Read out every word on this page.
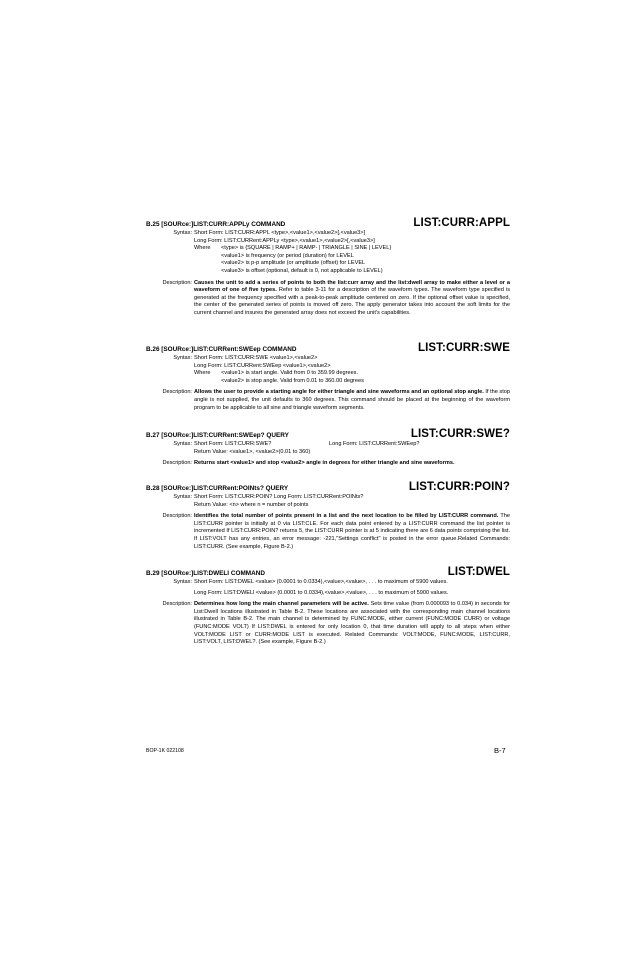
B.25 [SOURce:]LIST:CURR:APPLy COMMAND	LIST:CURR:APPL
Syntax: Short Form: LIST:CURR:APPL <type>,<value1>,<value2>[,<value3>]
Long Form: LIST:CURRent:APPLy <type>,<value1>,<value2>[,<value3>]
Where <type> is {SQUARE | RAMP+ | RAMP- | TRIANGLE | SINE | LEVEL}
<value1> is frequency (or period (duration) for LEVEL
<value2> is p-p amplitude (or amplitude (offset) for LEVEL
<value3> is offset (optional, default is 0, not applicable to LEVEL)
Description: Causes the unit to add a series of points to both the list:curr array and the list:dwell array to make either a level or a waveform of one of five types. Refer to table 3-11 for a description of the waveform types. The waveform type specified is generated at the frequency specified with a peak-to-peak amplitude centered on zero. If the optional offset value is specified, the center of the generated series of points is moved off zero. The apply generator takes into account the soft limits for the current channel and insures the generated array does not exceed the unit's capabilities.
B.26 [SOURce:]LIST:CURRent:SWEep COMMAND	LIST:CURR:SWE
Syntax: Short Form: LIST:CURR:SWE <value1>,<value2>
Long Form: LIST:CURRent:SWEep <value1>,<value2>
Where <value1> is start angle. Valid from 0 to 359.99 degrees.
<value2> is stop angle. Valid from 0.01 to 360.00 degrees
Description: Allows the user to provide a starting angle for either triangle and sine waveforms and an optional stop angle. If the stop angle is not supplied, the unit defaults to 360 degrees. This command should be placed at the beginning of the waveform program to be applicable to all sine and triangle waveform segments.
B.27 [SOURce:]LIST:CURRent:SWEep? QUERY	LIST:CURR:SWE?
Syntax: Short Form: LIST:CURR:SWE?	Long Form: LIST:CURRent:SWEep?
Return Value: <value1>, <value2>(0.01 to 360)
Description: Returns start <value1> and stop <value2> angle in degrees for either triangle and sine waveforms.
B.28 [SOURce:]LIST:CURRent:POINts? QUERY	LIST:CURR:POIN?
Syntax: Short Form: LIST:CURR:POIN? Long Form: LIST:CURRent:POINts?
Return Value: <n> where n = number of points
Description: Identifies the total number of points present in a list and the next location to be filled by LIST:CURR command. The LIST:CURR pointer is initially at 0 via LIST:CLE. For each data point entered by a LIST:CURR command the list pointer is incremented If LIST:CURR:POIN? returns 5, the LIST:CURR pointer is at 5 indicating there are 6 data points comprising the list. If LIST:VOLT has any entries, an error message: -221,"Settings conflict" is posted in the error queue.Related Commands: LIST:CURR. (See example, Figure B-2.)
B.29 [SOURce:]LIST:DWELl COMMAND	LIST:DWEL
Syntax: Short Form: LIST:DWEL <value> (0.0001 to 0.0334),<value>,<value>, . . . to maximum of 5900 values.
Long Form: LIST:DWELl <value> (0.0001 to 0.0334),<value>,<value>, . . . to maximum of 5900 values.
Description: Determines how long the main channel parameters will be active. Sets time value (from 0.000093 to 0.034) in seconds for List:Dwell locations illustrated in Table B-2. These locations are associated with the corresponding main channel locations illustrated in Table B-2. The main channel is determined by FUNC:MODE, either current (FUNC:MODE CURR) or voltage (FUNC:MODE VOLT) If LIST:DWEL is entered for only location 0, that time duration will apply to all steps when either VOLT:MODE LIST or CURR:MODE LIST is executed. Related Commands: VOLT:MODE, FUNC:MODE, LIST:CURR, LIST:VOLT, LIST:DWEL?. (See example, Figure B-2.)
BOP-1K 022108	B-7
